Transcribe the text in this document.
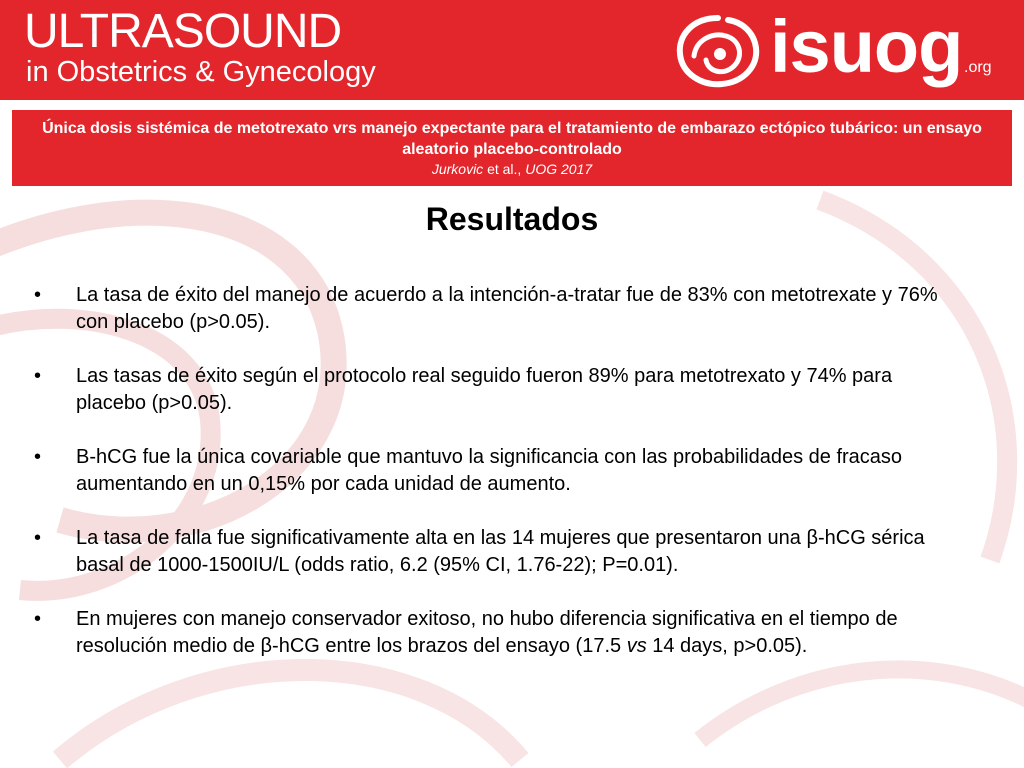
ULTRASOUND
in Obstetrics & Gynecology	isuog .org
Única dosis sistémica de metotrexato vrs manejo expectante para el tratamiento de embarazo ectópico tubárico: un ensayo aleatorio placebo-controlado
Jurkovic et al., UOG 2017
Resultados
• La tasa de éxito del manejo de acuerdo a la intención-a-tratar fue de 83% con metotrexate y 76% con placebo (p>0.05).
• Las tasas de éxito según el protocolo real seguido fueron 89% para metotrexato y 74% para placebo (p>0.05).
• B-hCG fue la única covariable que mantuvo la significancia con las probabilidades de fracaso aumentando en un 0,15% por cada unidad de aumento.
• La tasa de falla fue significativamente alta en las 14 mujeres que presentaron una β-hCG sérica basal de 1000-1500IU/L (odds ratio, 6.2 (95% CI, 1.76-22); P=0.01).
• En mujeres con manejo conservador exitoso, no hubo diferencia significativa en el tiempo de resolución medio de β-hCG entre los brazos del ensayo (17.5 vs 14 days, p>0.05).
